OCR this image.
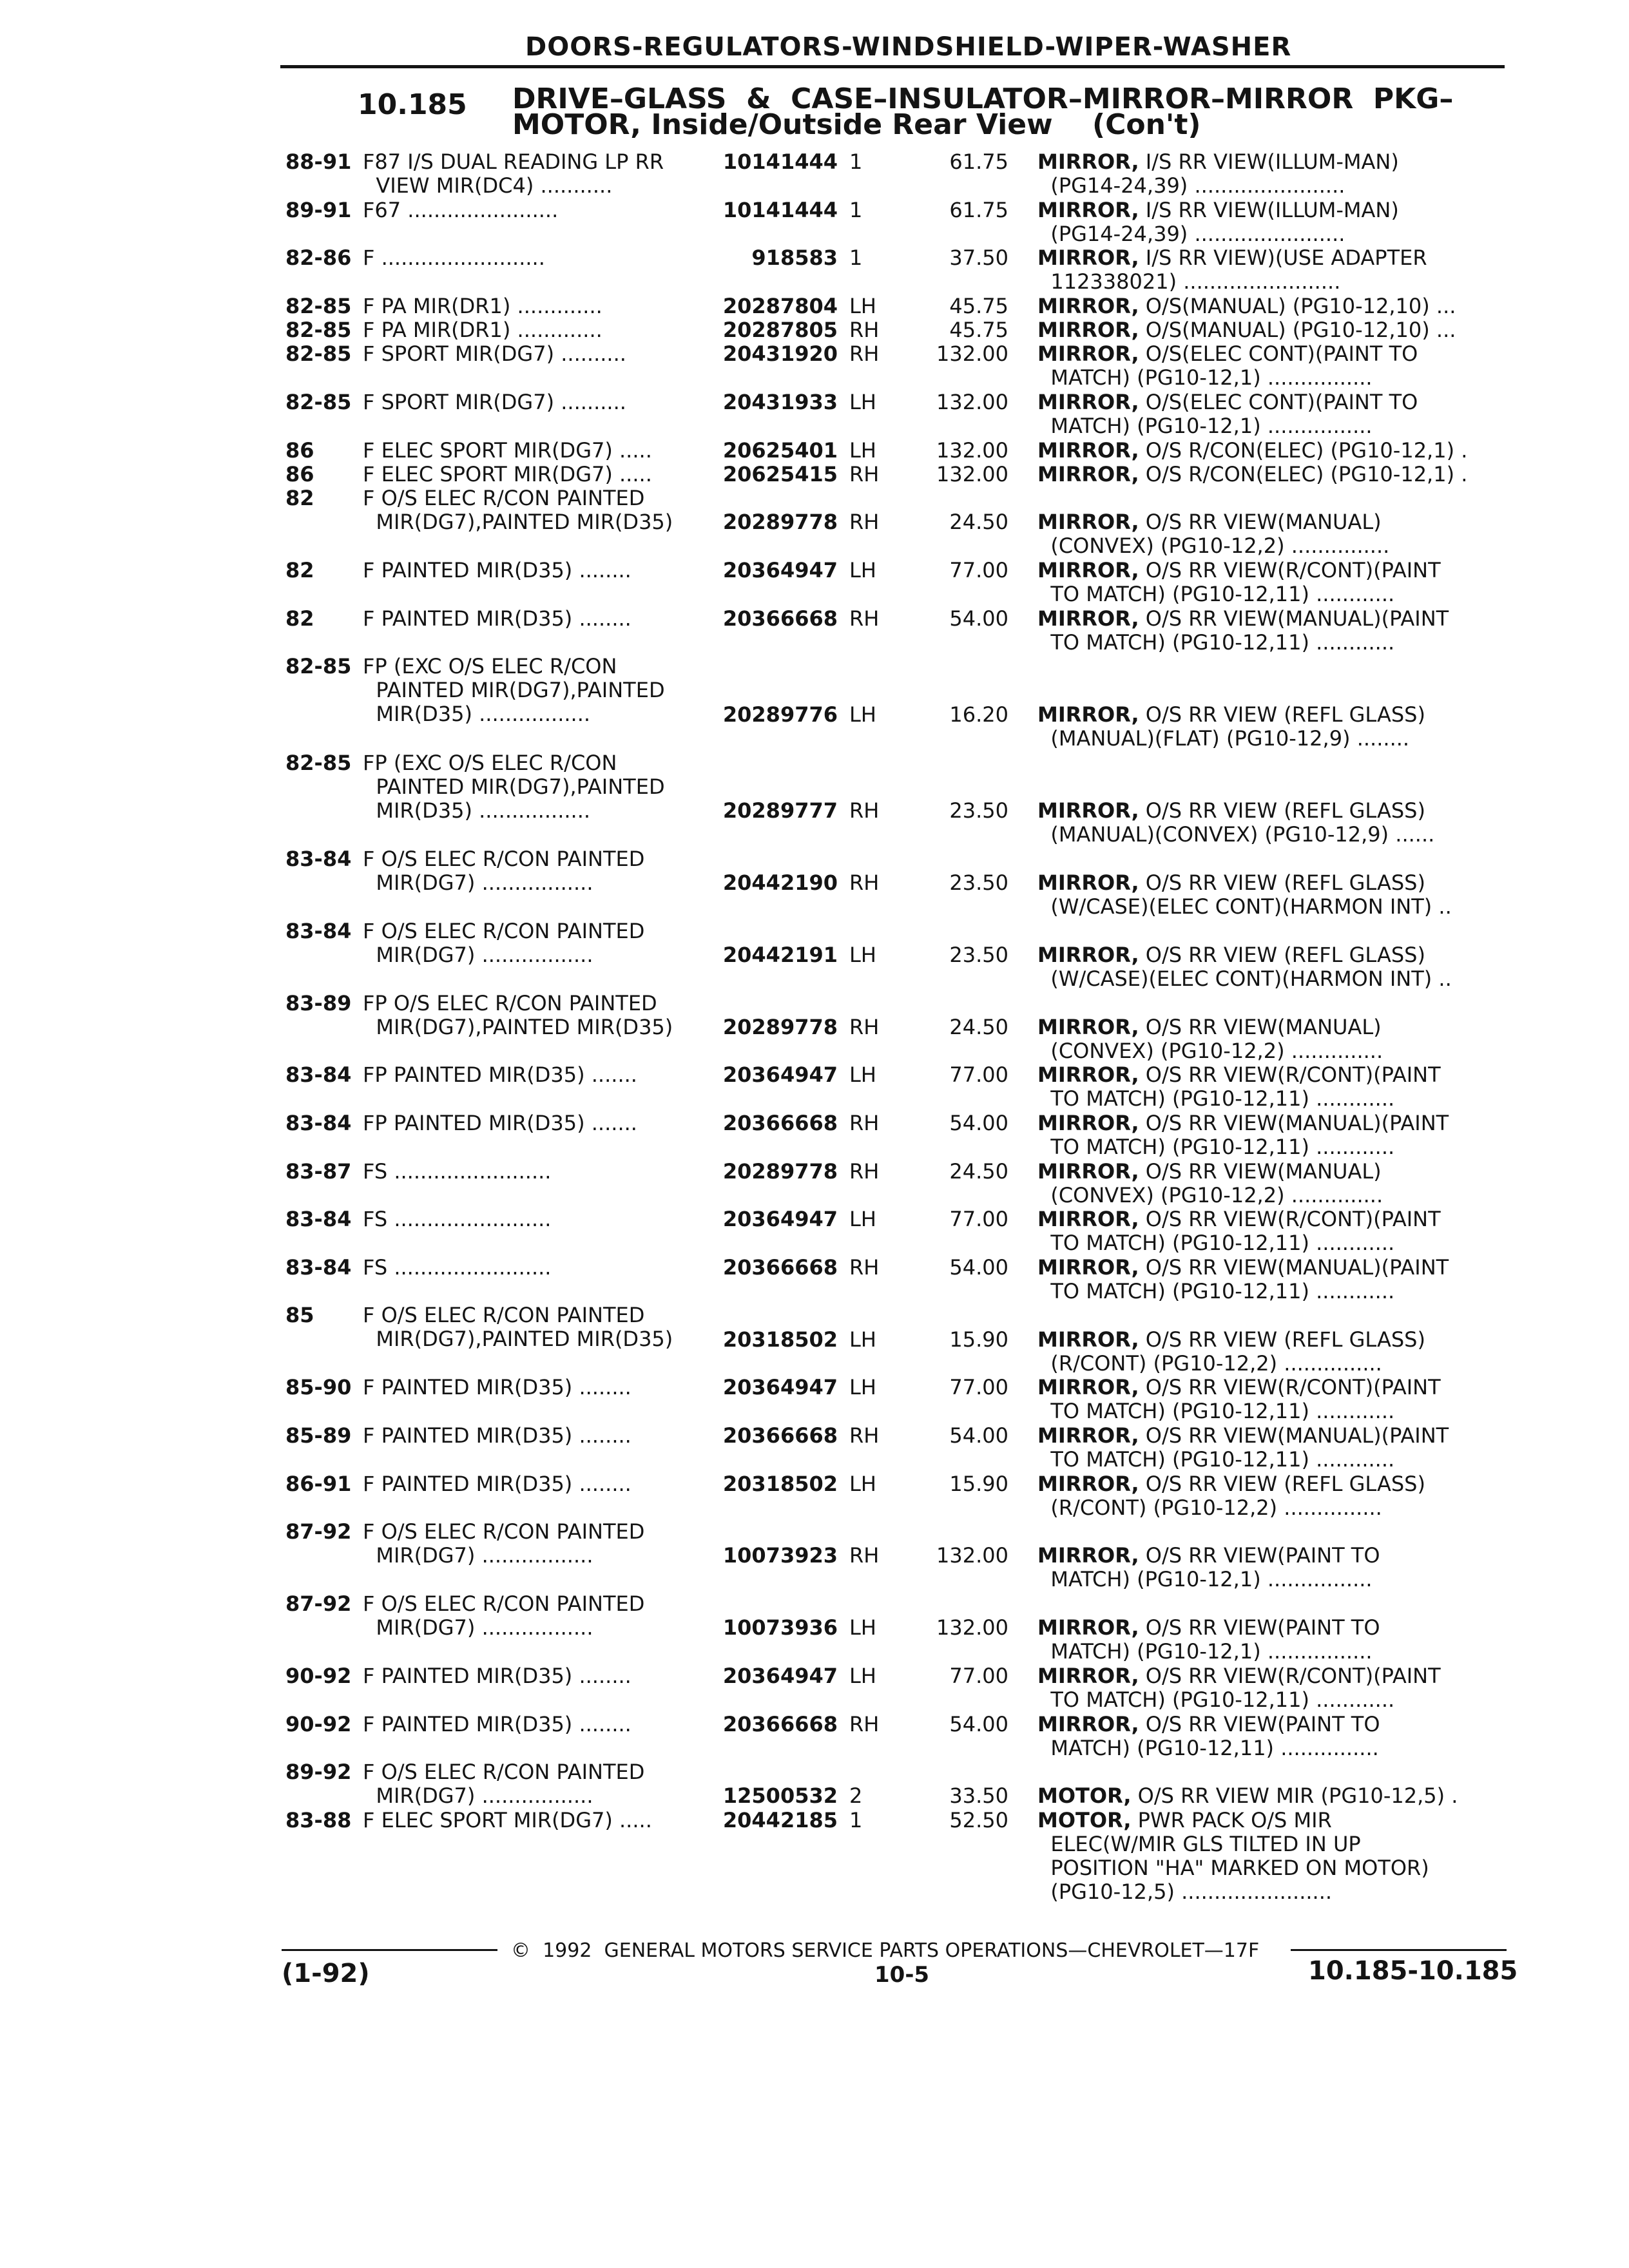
DOORS-REGULATORS-WINDSHIELD-WIPER-WASHER
10.185 DRIVE–GLASS  &  CASE–INSULATOR–MIRROR–MIRROR  PKG–
MOTOR, Inside/Outside Rear View    (Con't)
88-91 F87 I/S DUAL READING LP RR
VIEW MIR(DC4) ...........
10141444 1	61.75 MIRROR, I/S RR VIEW(ILLUM-MAN)
(PG14-24,39) .......................
89-91 F67 .......................	10141444 1	61.75 MIRROR, I/S RR VIEW(ILLUM-MAN)
(PG14-24,39) .......................
82-86 F .........................	918583 1	37.50 MIRROR, I/S RR VIEW)(USE ADAPTER
112338021) ........................
82-85 F PA MIR(DR1) .............	20287804 LH	45.75 MIRROR, O/S(MANUAL) (PG10-12,10) ...
82-85 F PA MIR(DR1) .............	20287805 RH	45.75 MIRROR, O/S(MANUAL) (PG10-12,10) ...
82-85 F SPORT MIR(DG7) ..........	20431920 RH	132.00 MIRROR, O/S(ELEC CONT)(PAINT TO
MATCH) (PG10-12,1) ................
82-85 F SPORT MIR(DG7) ..........	20431933 LH	132.00 MIRROR, O/S(ELEC CONT)(PAINT TO
MATCH) (PG10-12,1) ................
86 F ELEC SPORT MIR(DG7) .....	20625401 LH	132.00 MIRROR, O/S R/CON(ELEC) (PG10-12,1) .
86 F ELEC SPORT MIR(DG7) .....	20625415 RH	132.00 MIRROR, O/S R/CON(ELEC) (PG10-12,1) .
82 F O/S ELEC R/CON PAINTED
MIR(DG7),PAINTED MIR(D35)	20289778 RH	24.50 MIRROR, O/S RR VIEW(MANUAL)
(CONVEX) (PG10-12,2) ...............
82 F PAINTED MIR(D35) ........	20364947 LH	77.00 MIRROR, O/S RR VIEW(R/CONT)(PAINT
TO MATCH) (PG10-12,11) ............
82 F PAINTED MIR(D35) ........	20366668 RH	54.00 MIRROR, O/S RR VIEW(MANUAL)(PAINT
TO MATCH) (PG10-12,11) ............
82-85 FP (EXC O/S ELEC R/CON
PAINTED MIR(DG7),PAINTED
MIR(D35) .................	20289776 LH	16.20 MIRROR, O/S RR VIEW (REFL GLASS)
(MANUAL)(FLAT) (PG10-12,9) ........
82-85 FP (EXC O/S ELEC R/CON
PAINTED MIR(DG7),PAINTED
MIR(D35) .................	20289777 RH	23.50 MIRROR, O/S RR VIEW (REFL GLASS)
(MANUAL)(CONVEX) (PG10-12,9) ......
83-84 F O/S ELEC R/CON PAINTED
MIR(DG7) .................	20442190 RH	23.50 MIRROR, O/S RR VIEW (REFL GLASS)
(W/CASE)(ELEC CONT)(HARMON INT) ..
83-84 F O/S ELEC R/CON PAINTED
MIR(DG7) .................	20442191 LH	23.50 MIRROR, O/S RR VIEW (REFL GLASS)
(W/CASE)(ELEC CONT)(HARMON INT) ..
83-89 FP O/S ELEC R/CON PAINTED
MIR(DG7),PAINTED MIR(D35)	20289778 RH	24.50 MIRROR, O/S RR VIEW(MANUAL)
(CONVEX) (PG10-12,2) ..............
83-84 FP PAINTED MIR(D35) .......	20364947 LH	77.00 MIRROR, O/S RR VIEW(R/CONT)(PAINT
TO MATCH) (PG10-12,11) ............
83-84 FP PAINTED MIR(D35) .......	20366668 RH	54.00 MIRROR, O/S RR VIEW(MANUAL)(PAINT
TO MATCH) (PG10-12,11) ............
83-87 FS ........................	20289778 RH	24.50 MIRROR, O/S RR VIEW(MANUAL)
(CONVEX) (PG10-12,2) ..............
83-84 FS ........................	20364947 LH	77.00 MIRROR, O/S RR VIEW(R/CONT)(PAINT
TO MATCH) (PG10-12,11) ............
83-84 FS ........................	20366668 RH	54.00 MIRROR, O/S RR VIEW(MANUAL)(PAINT
TO MATCH) (PG10-12,11) ............
85 F O/S ELEC R/CON PAINTED
MIR(DG7),PAINTED MIR(D35)	20318502 LH	15.90 MIRROR, O/S RR VIEW (REFL GLASS)
(R/CONT) (PG10-12,2) ...............
85-90 F PAINTED MIR(D35) ........	20364947 LH	77.00 MIRROR, O/S RR VIEW(R/CONT)(PAINT
TO MATCH) (PG10-12,11) ............
85-89 F PAINTED MIR(D35) ........	20366668 RH	54.00 MIRROR, O/S RR VIEW(MANUAL)(PAINT
TO MATCH) (PG10-12,11) ............
86-91 F PAINTED MIR(D35) ........	20318502 LH	15.90 MIRROR, O/S RR VIEW (REFL GLASS)
(R/CONT) (PG10-12,2) ...............
87-92 F O/S ELEC R/CON PAINTED
MIR(DG7) .................	10073923 RH	132.00 MIRROR, O/S RR VIEW(PAINT TO
MATCH) (PG10-12,1) ................
87-92 F O/S ELEC R/CON PAINTED
MIR(DG7) .................	10073936 LH	132.00 MIRROR, O/S RR VIEW(PAINT TO
MATCH) (PG10-12,1) ................
90-92 F PAINTED MIR(D35) ........	20364947 LH	77.00 MIRROR, O/S RR VIEW(R/CONT)(PAINT
TO MATCH) (PG10-12,11) ............
90-92 F PAINTED MIR(D35) ........	20366668 RH	54.00 MIRROR, O/S RR VIEW(PAINT TO
MATCH) (PG10-12,11) ...............
89-92 F O/S ELEC R/CON PAINTED
MIR(DG7) .................	12500532 2	33.50 MOTOR, O/S RR VIEW MIR (PG10-12,5) .
83-88 F ELEC SPORT MIR(DG7) .....	20442185 1	52.50 MOTOR, PWR PACK O/S MIR
ELEC(W/MIR GLS TILTED IN UP
POSITION "HA" MARKED ON MOTOR)
(PG10-12,5) .......................
©  1992  GENERAL MOTORS SERVICE PARTS OPERATIONS—CHEVROLET—17F
(1-92)	10-5	10.185-10.185
